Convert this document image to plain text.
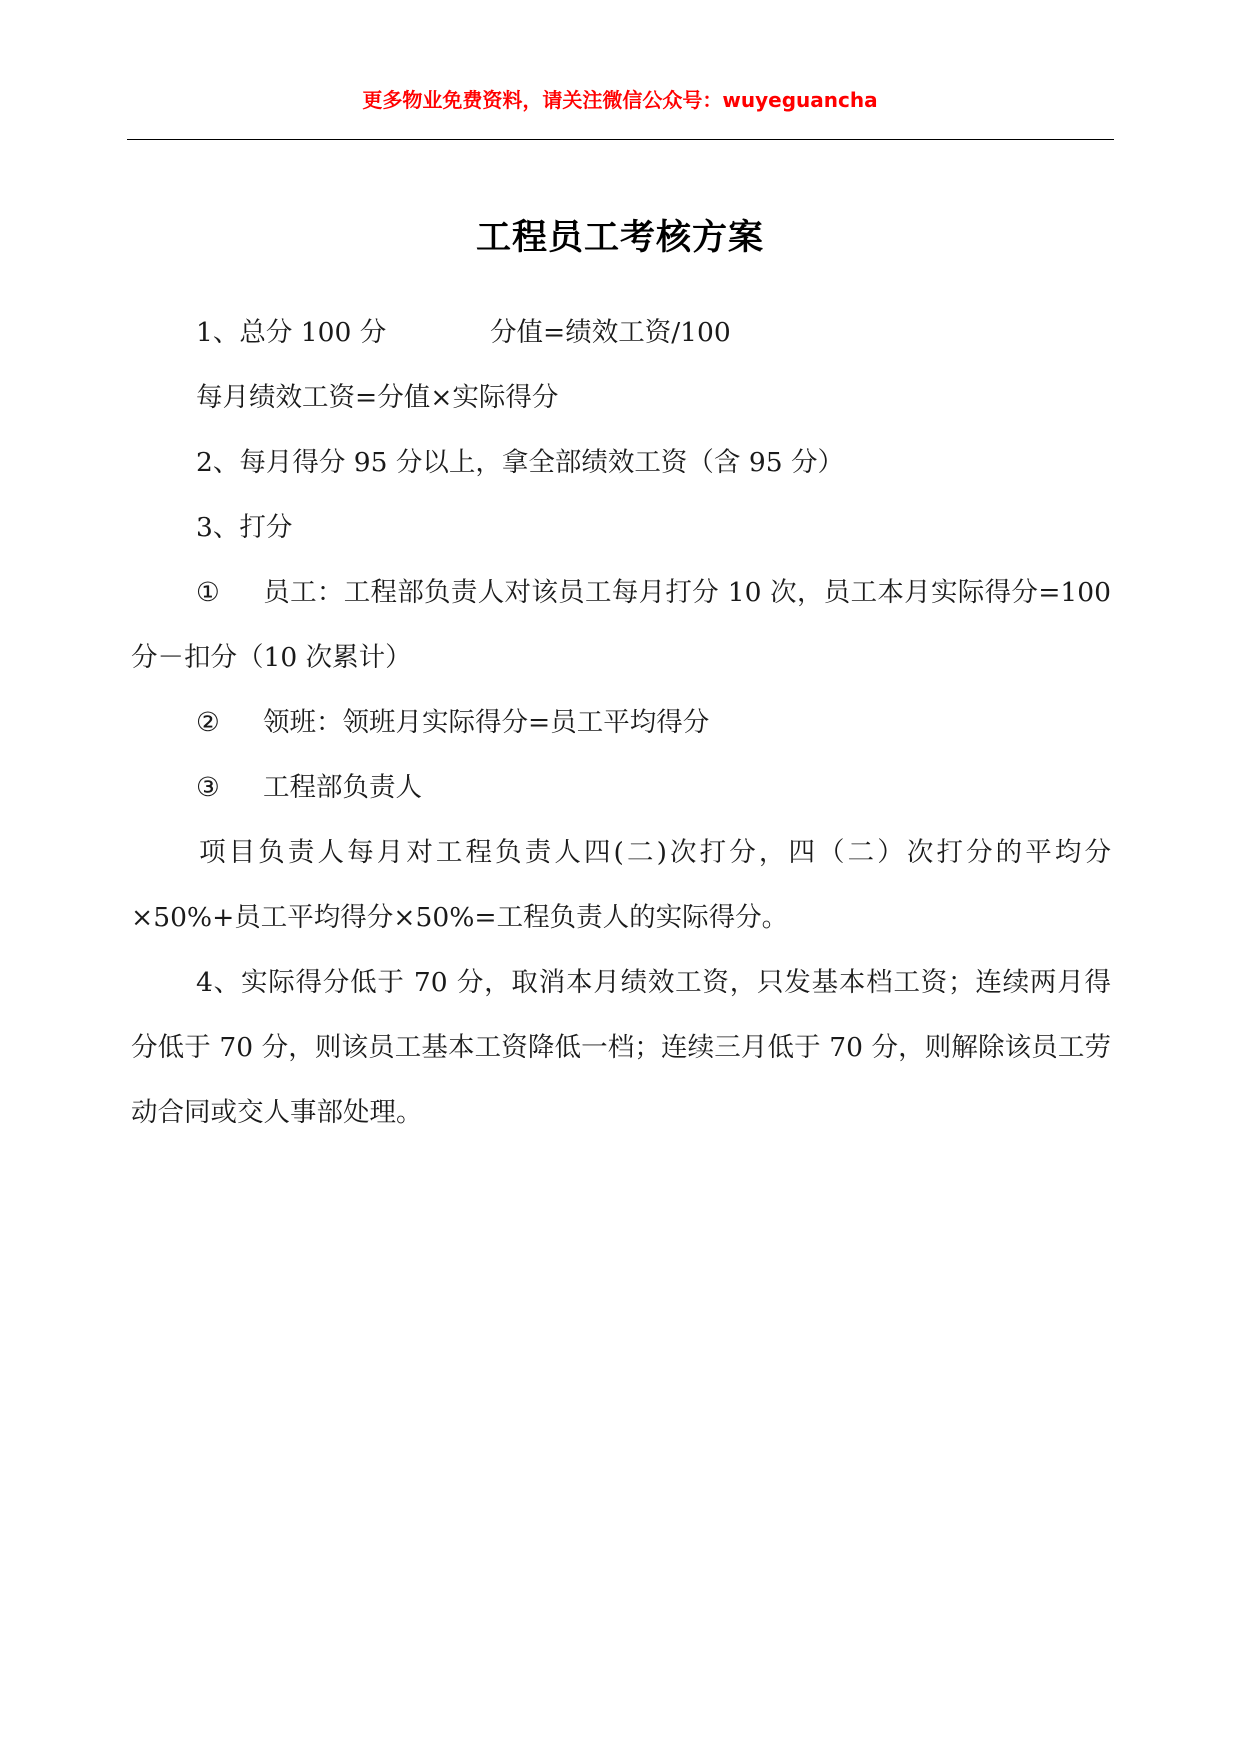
更多物业免费资料，请关注微信公众号：wuyeguancha
工程员工考核方案
1、总分 100 分	分值=绩效工资/100
每月绩效工资=分值×实际得分
2、每月得分 95 分以上，拿全部绩效工资（含 95 分）
3、打分
① 员工：工程部负责人对该员工每月打分 10 次，员工本月实际得分=100 分－扣分（10 次累计）
② 领班：领班月实际得分=员工平均得分
③ 工程部负责人
项目负责人每月对工程负责人四(二)次打分，四（二）次打分的平均分×50%+员工平均得分×50%=工程负责人的实际得分。
4、实际得分低于 70 分，取消本月绩效工资，只发基本档工资；连续两月得分低于 70 分，则该员工基本工资降低一档；连续三月低于 70 分，则解除该员工劳动合同或交人事部处理。
